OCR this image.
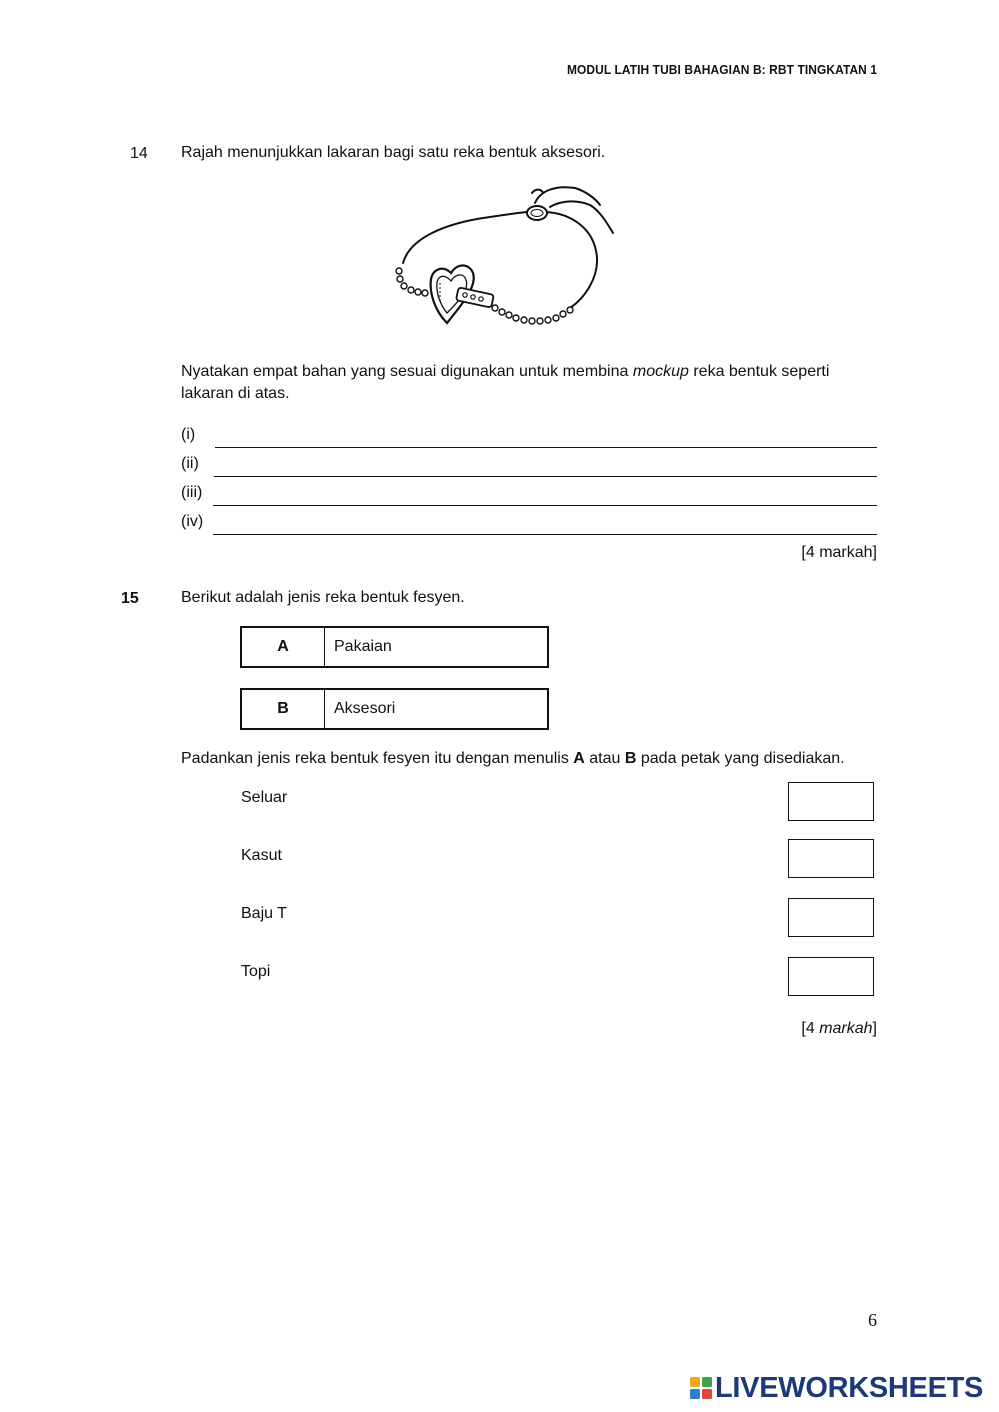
MODUL LATIH TUBI BAHAGIAN B: RBT TINGKATAN 1
14 Rajah menunjukkan lakaran bagi satu reka bentuk aksesori.
Nyatakan empat bahan yang sesuai digunakan untuk membina mockup reka bentuk seperti
lakaran di atas.
(i)
(ii)
(iii)
(iv)
[4 markah]
15	Berikut adalah jenis reka bentuk fesyen.
A	Pakaian
B	Aksesori
Padankan jenis reka bentuk fesyen itu dengan menulis A atau B pada petak yang disediakan.
Seluar
Kasut
Baju T
Topi
[4 markah]
6
LIVEWORKSHEETS
